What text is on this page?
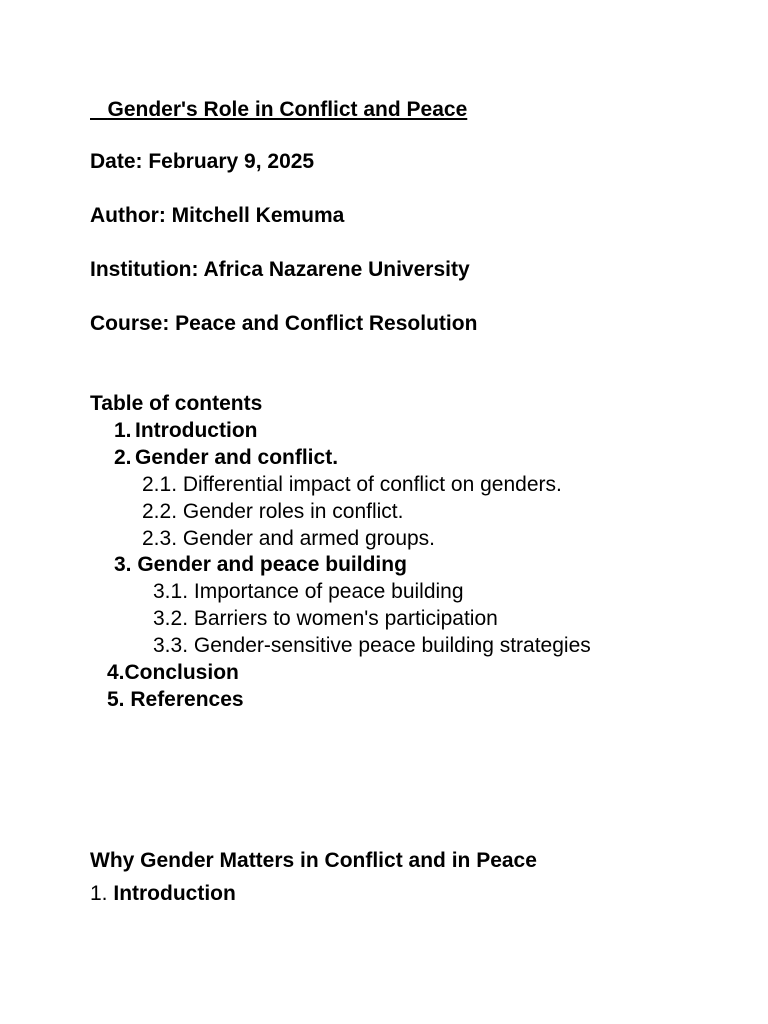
Gender's Role in Conflict and Peace
Date: February 9, 2025
Author: Mitchell Kemuma
Institution: Africa Nazarene University
Course: Peace and Conflict Resolution
Table of contents
1. Introduction
2. Gender and conflict.
2.1. Differential impact of conflict on genders.
2.2. Gender roles in conflict.
2.3. Gender and armed groups.
3. Gender and peace building
3.1. Importance of peace building
3.2. Barriers to women's participation
3.3. Gender-sensitive peace building strategies
4.Conclusion
5. References
Why Gender Matters in Conflict and in Peace
1. Introduction
